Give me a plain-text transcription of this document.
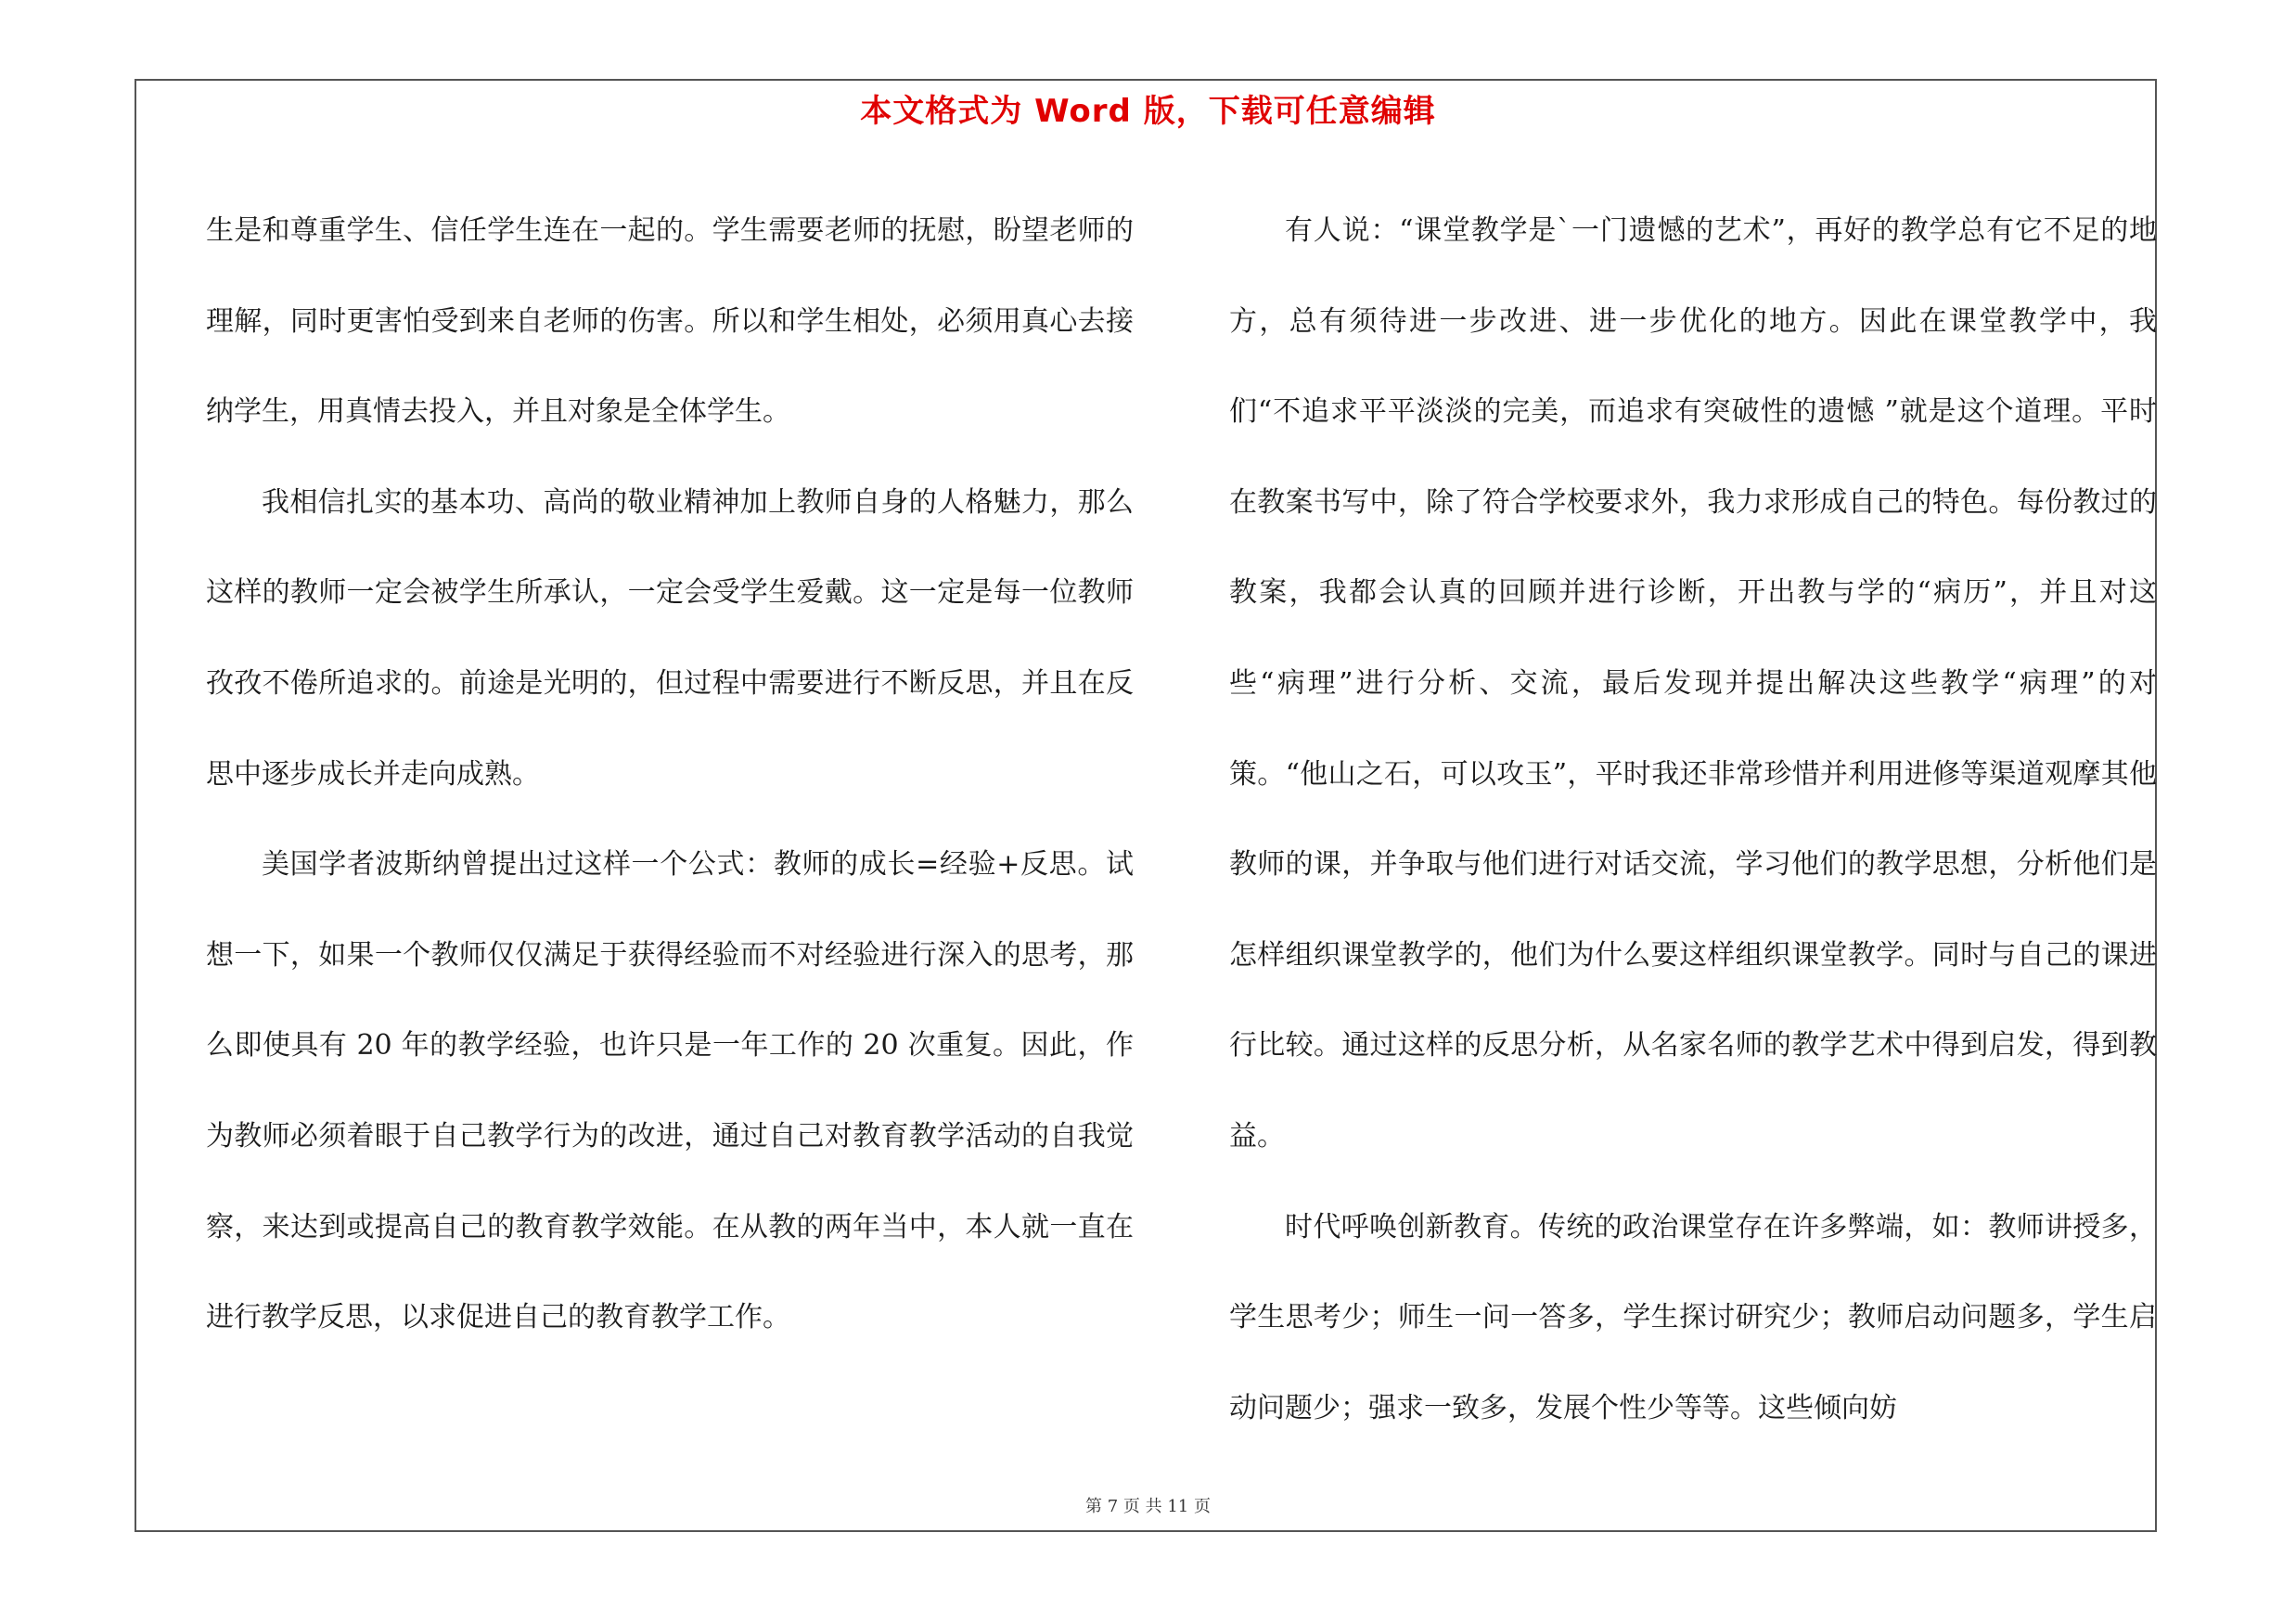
本文格式为 Word 版，下载可任意编辑

生是和尊重学生、信任学生连在一起的。学生需要老师的抚慰，盼望老师的理解，同时更害怕受到来自老师的伤害。所以和学生相处，必须用真心去接纳学生，用真情去投入，并且对象是全体学生。

我相信扎实的基本功、高尚的敬业精神加上教师自身的人格魅力，那么这样的教师一定会被学生所承认，一定会受学生爱戴。这一定是每一位教师孜孜不倦所追求的。前途是光明的，但过程中需要进行不断反思，并且在反思中逐步成长并走向成熟。

美国学者波斯纳曾提出过这样一个公式：教师的成长=经验+反思。试想一下，如果一个教师仅仅满足于获得经验而不对经验进行深入的思考，那么即使具有 20 年的教学经验，也许只是一年工作的 20 次重复。因此，作为教师必须着眼于自己教学行为的改进，通过自己对教育教学活动的自我觉察，来达到或提高自己的教育教学效能。在从教的两年当中，本人就一直在进行教学反思，以求促进自己的教育教学工作。

有人说：“课堂教学是`一门遗憾的艺术”，再好的教学总有它不足的地方，总有须待进一步改进、进一步优化的地方。因此在课堂教学中，我们“不追求平平淡淡的完美，而追求有突破性的遗憾 ”就是这个道理。平时在教案书写中，除了符合学校要求外，我力求形成自己的特色。每份教过的教案，我都会认真的回顾并进行诊断，开出教与学的“病历”，并且对这些“病理”进行分析、交流，最后发现并提出解决这些教学“病理”的对策。“他山之石，可以攻玉”，平时我还非常珍惜并利用进修等渠道观摩其他教师的课，并争取与他们进行对话交流，学习他们的教学思想，分析他们是怎样组织课堂教学的，他们为什么要这样组织课堂教学。同时与自己的课进行比较。通过这样的反思分析，从名家名师的教学艺术中得到启发，得到教益。

时代呼唤创新教育。传统的政治课堂存在许多弊端，如：教师讲授多，学生思考少；师生一问一答多，学生探讨研究少；教师启动问题多，学生启动问题少；强求一致多，发展个性少等等。这些倾向妨

第 7 页 共 11 页
